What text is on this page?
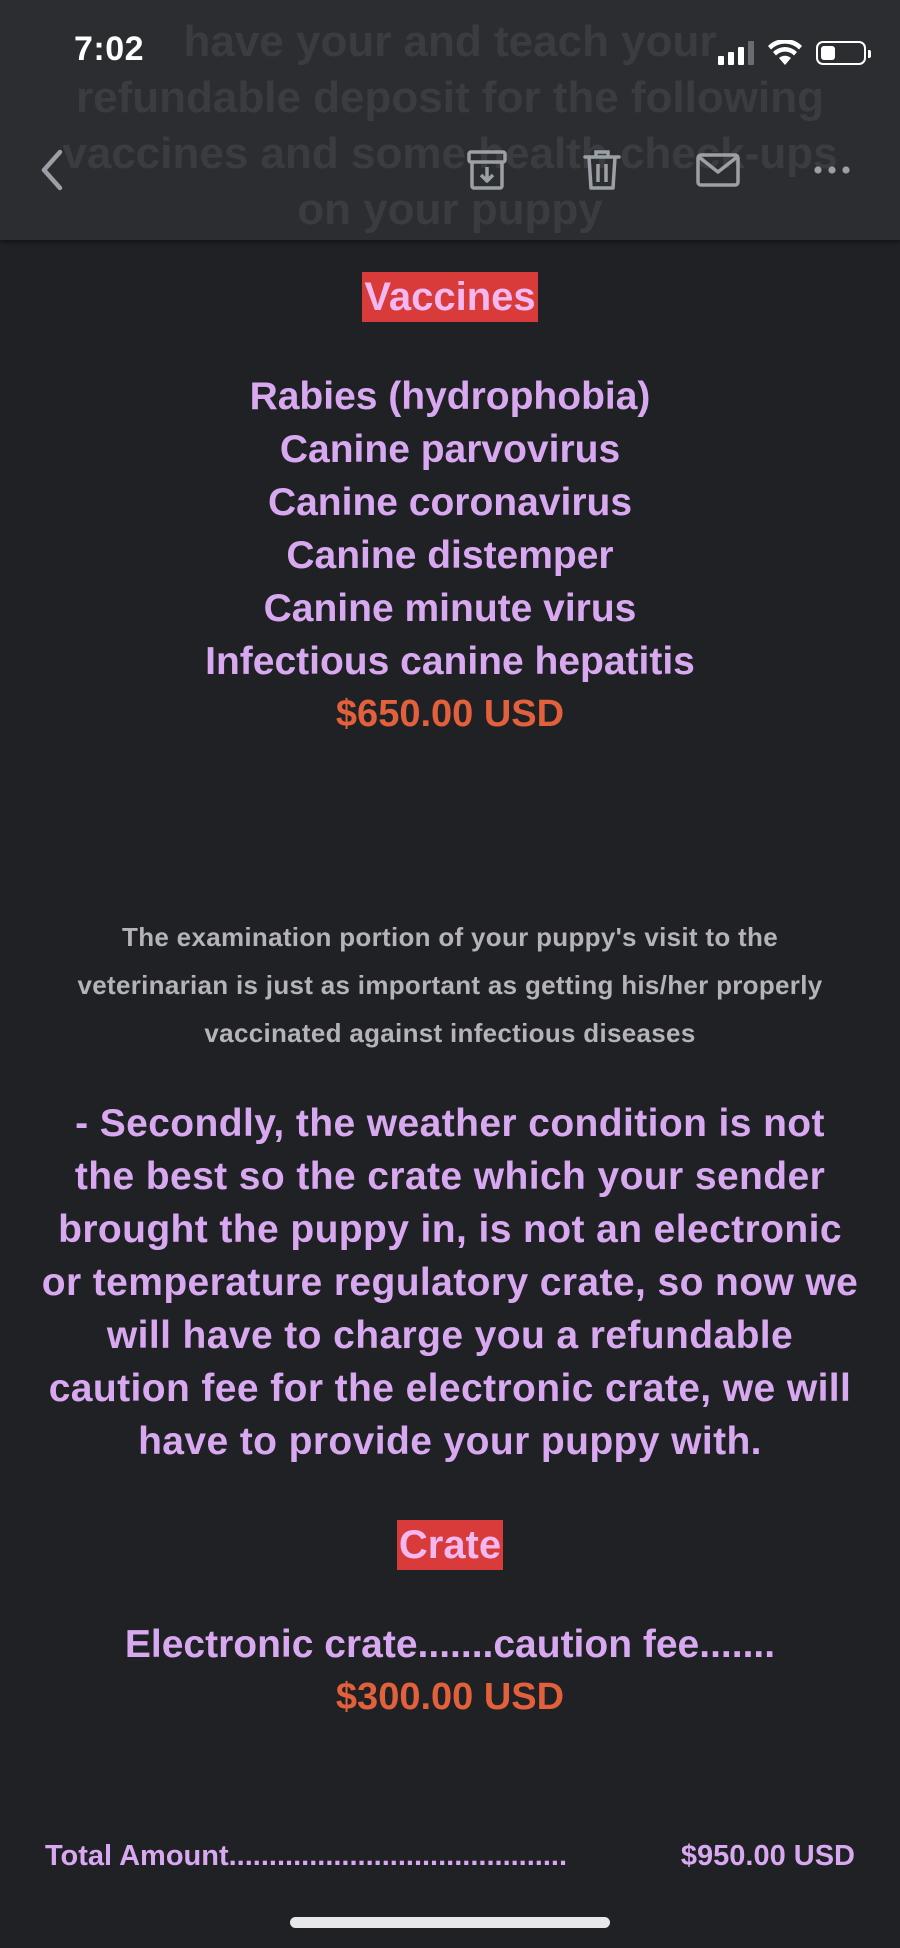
have your and teach your
refundable deposit for the following
vaccines and some health check-ups
on your puppy
7:02
Vaccines
Rabies (hydrophobia)
Canine parvovirus
Canine coronavirus
Canine distemper
Canine minute virus
Infectious canine hepatitis
$650.00 USD
The examination portion of your puppy's visit to the veterinarian is just as important as getting his/her properly vaccinated against infectious diseases
- Secondly, the weather condition is not the best so the crate which your sender brought the puppy in, is not an electronic or temperature regulatory crate, so now we will have to charge you a refundable caution fee for the electronic crate, we will have to provide your puppy with.
Crate
Electronic crate.......caution fee.......
$300.00 USD
Total Amount..........................................	$950.00 USD
